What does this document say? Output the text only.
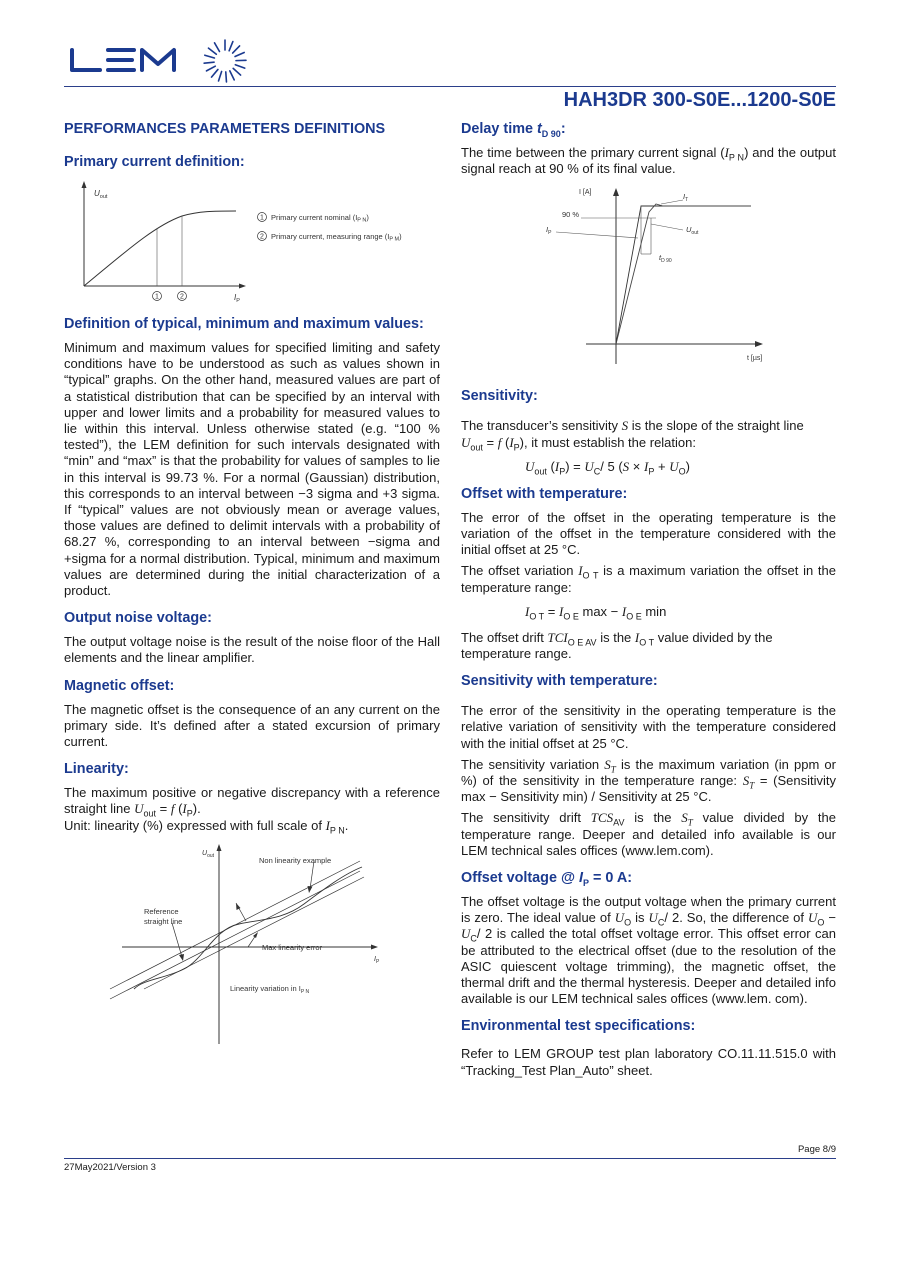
HAH3DR 300-S0E...1200-S0E
PERFORMANCES PARAMETERS DEFINITIONS
Primary current definition:
$U_{out}$
$I_P$
1	2
1 Primary current nominal $(I_{P N})$
2 Primary current, measuring range $(I_{P M})$
Definition of typical, minimum and maximum values:

Minimum and maximum values for specified limiting and safety conditions have to be understood as such as values shown in “typical” graphs. On the other hand, measured values are part of a statistical distribution that can be specified by an interval with upper and lower limits and a probability for measured values to lie within this interval. Unless otherwise stated (e.g. “100 % tested”), the LEM definition for such intervals designated with “min” and “max” is that the probability for values of samples to lie in this interval is 99.73 %. For a normal (Gaussian) distribution, this corresponds to an interval between −3 sigma and +3 sigma. If “typical” values are not obviously mean or average values, those values are defined to delimit intervals with a probability of 68.27 %, corresponding to an interval between −sigma and +sigma for a normal distribution. Typical, minimum and maximum values are determined during the initial characterization of a product.

Output noise voltage:

The output voltage noise is the result of the noise floor of the Hall elements and the linear amplifier.

Magnetic offset:

The magnetic offset is the consequence of an any current on the primary side. It’s defined after a stated excursion of primary current.

Linearity:

The maximum positive or negative discrepancy with a reference straight line $U_{out} = f$ $(I_P)$.

Unit: linearity (%) expressed with full scale of $I_{P N}$.

$U_{out}$
$I_P$
Non linearity example
Reference
straight line
Max linearity error
Linearity variation in $I_{P N}$
Delay time $t_{D 90}$:

The time between the primary current signal $(I_{P N})$ and the output signal reach at 90 % of its final value.

I [A]
t [µs]
90 %
$I_P$
$I_T$
$U_{out}$
$t_{D 90}$
Sensitivity:

The transducer’s sensitivity S is the slope of the straight line
$U_{out} = f$ $(I_P)$, it must establish the relation:

$U_{out}$ $(I_P) = U_C/$ 5 $(S \times I_P + U_O)$
Offset with temperature:

The error of the offset in the operating temperature is the variation of the offset in the temperature considered with the initial offset at 25 °C.

The offset variation $I_{O T}$ is a maximum variation the offset in the temperature range:

$I_{O T} = I_{O E}$ $\max - I_{O E}$ min

The offset drift $TCI_{O E AV}$ is the $I_{O T}$ value divided by the temperature range.

Sensitivity with temperature:

The error of the sensitivity in the operating temperature is the relative variation of sensitivity with the temperature considered with the initial offset at 25 °C.

The sensitivity variation $S_T$ is the maximum variation (in ppm or %) of the sensitivity in the temperature range: $S_T$ = (Sensitivity max − Sensitivity min) / Sensitivity at 25 °C.

The sensitivity drift $TCS_{AV}$ is the $S_T$ value divided by the temperature range. Deeper and detailed info available is our LEM technical sales offices (www.lem.com).

Offset voltage @ $I_P = 0$ A:

The offset voltage is the output voltage when the primary current is zero. The ideal value of $U_O$ is $U_C/$ 2. So, the difference of $U_O - U_C/$ 2 is called the total offset voltage error. This offset error can be attributed to the electrical offset (due to the resolution of the ASIC quiescent voltage trimming), the magnetic offset, the thermal drift and the thermal hysteresis. Deeper and detailed info available is our LEM technical sales offices (www.lem. com).

Environmental test specifications:

Refer to LEM GROUP test plan laboratory CO.11.11.515.0 with “Tracking_Test Plan_Auto” sheet.

Page 8/9
27May2021/Version 3
